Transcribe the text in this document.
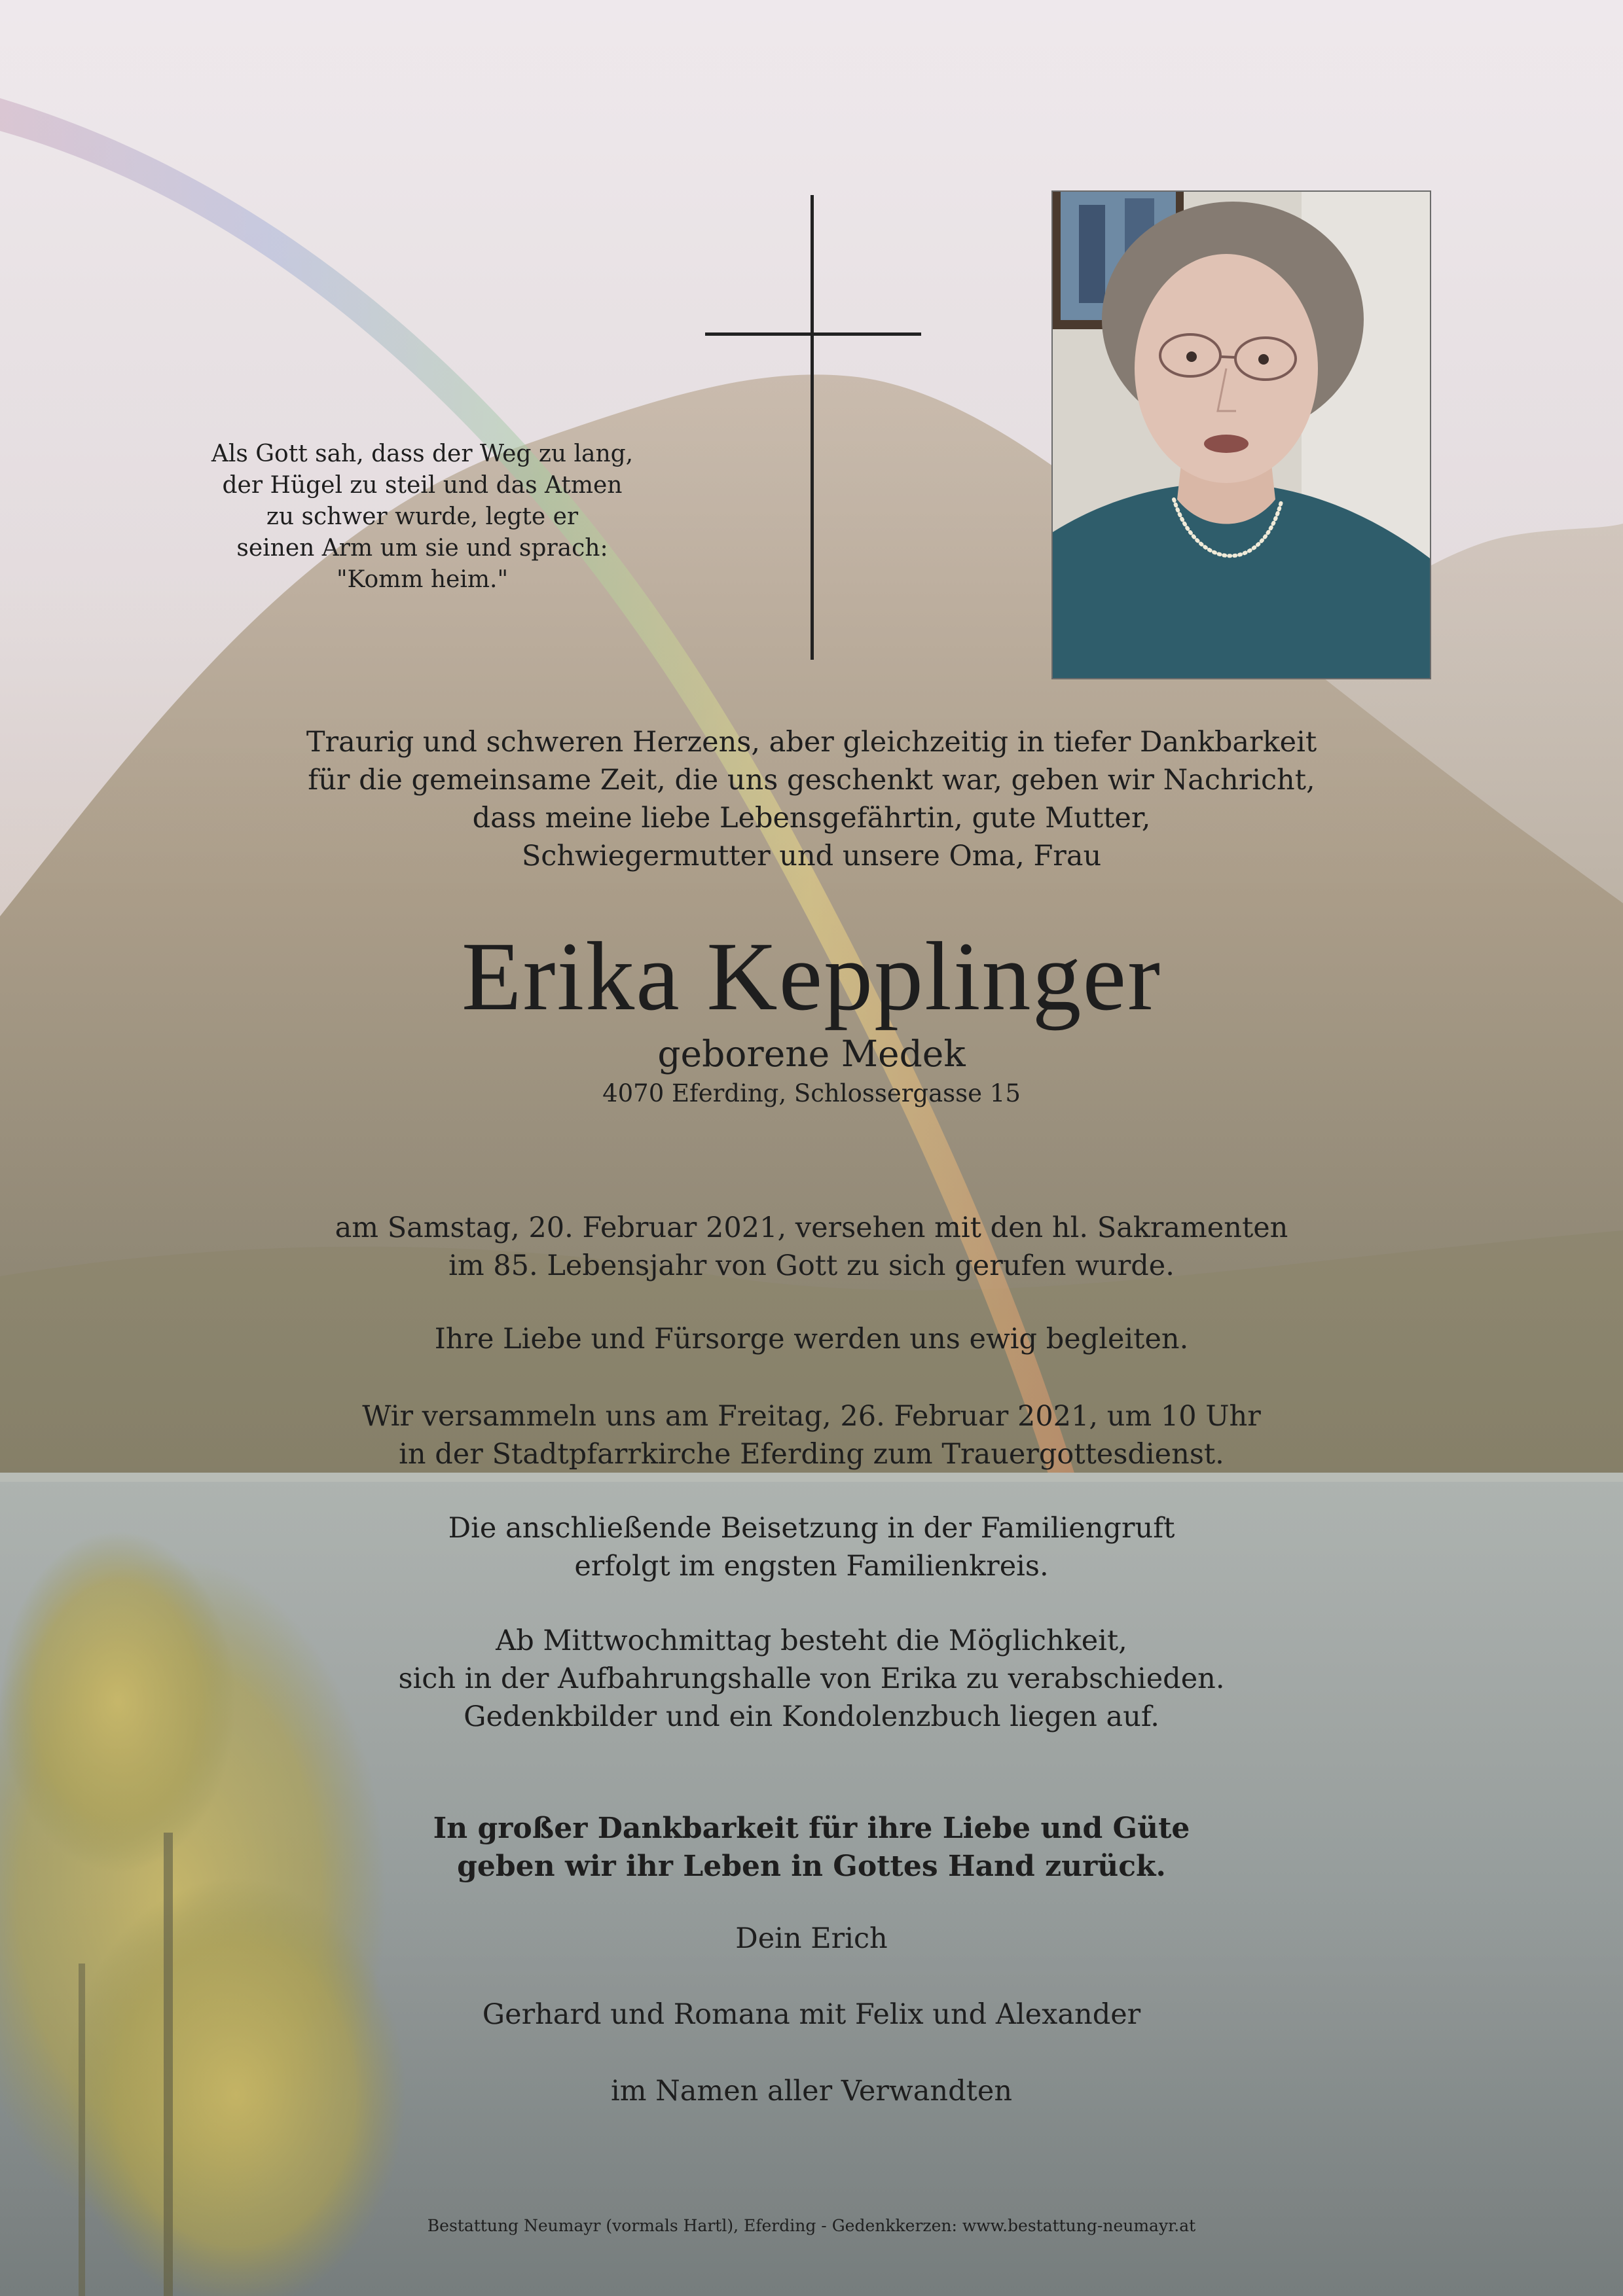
Als Gott sah, dass der Weg zu lang,
der Hügel zu steil und das Atmen
zu schwer wurde, legte er
seinen Arm um sie und sprach:
"Komm heim."
Traurig und schweren Herzens, aber gleichzeitig in tiefer Dankbarkeit
für die gemeinsame Zeit, die uns geschenkt war, geben wir Nachricht,
dass meine liebe Lebensgefährtin, gute Mutter,
Schwiegermutter und unsere Oma, Frau
Erika Kepplinger
geborene Medek
4070 Eferding, Schlossergasse 15
am Samstag, 20. Februar 2021, versehen mit den hl. Sakramenten
im 85. Lebensjahr von Gott zu sich gerufen wurde.
Ihre Liebe und Fürsorge werden uns ewig begleiten.
Wir versammeln uns am Freitag, 26. Februar 2021, um 10 Uhr
in der Stadtpfarrkirche Eferding zum Trauergottesdienst.
Die anschließende Beisetzung in der Familiengruft
erfolgt im engsten Familienkreis.
Ab Mittwochmittag besteht die Möglichkeit,
sich in der Aufbahrungshalle von Erika zu verabschieden.
Gedenkbilder und ein Kondolenzbuch liegen auf.
In großer Dankbarkeit für ihre Liebe und Güte
geben wir ihr Leben in Gottes Hand zurück.
Dein Erich
Gerhard und Romana mit Felix und Alexander
im Namen aller Verwandten
Bestattung Neumayr (vormals Hartl), Eferding - Gedenkkerzen: www.bestattung-neumayr.at
